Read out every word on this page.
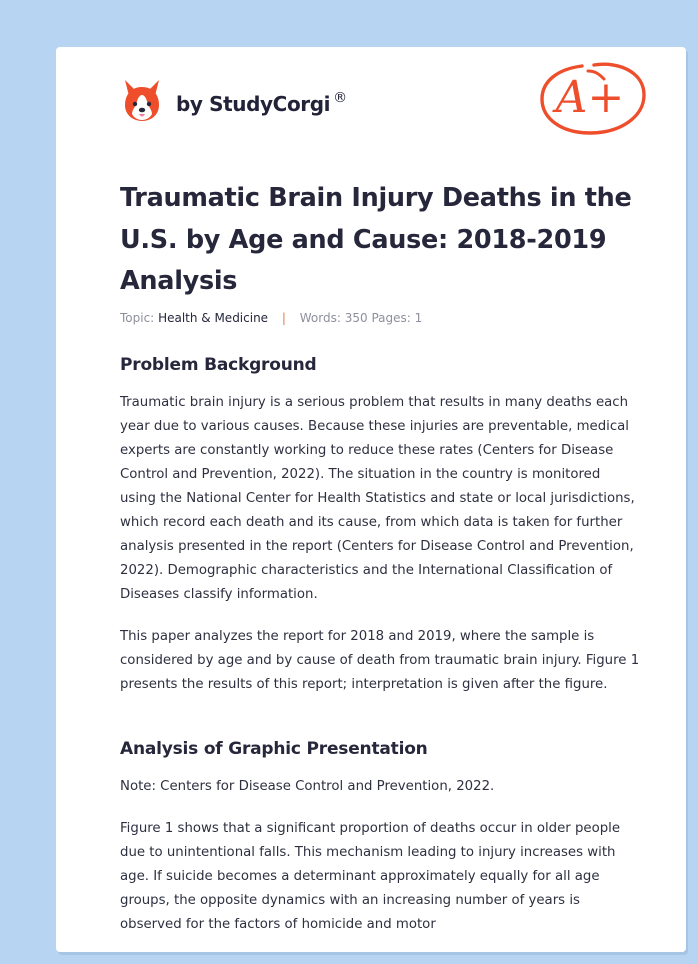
by StudyCorgi ®	A+
Traumatic Brain Injury Deaths in the U.S. by Age and Cause: 2018-2019 Analysis
Topic: Health & Medicine | Words: 350 Pages: 1
Problem Background

Traumatic brain injury is a serious problem that results in many deaths each year due to various causes. Because these injuries are preventable, medical experts are constantly working to reduce these rates (Centers for Disease Control and Prevention, 2022). The situation in the country is monitored using the National Center for Health Statistics and state or local jurisdictions, which record each death and its cause, from which data is taken for further analysis presented in the report (Centers for Disease Control and Prevention, 2022). Demographic characteristics and the International Classification of Diseases classify information.

This paper analyzes the report for 2018 and 2019, where the sample is considered by age and by cause of death from traumatic brain injury. Figure 1 presents the results of this report; interpretation is given after the figure.

Analysis of Graphic Presentation

Note: Centers for Disease Control and Prevention, 2022.

Figure 1 shows that a significant proportion of deaths occur in older people due to unintentional falls. This mechanism leading to injury increases with age. If suicide becomes a determinant approximately equally for all age groups, the opposite dynamics with an increasing number of years is observed for the factors of homicide and motor
